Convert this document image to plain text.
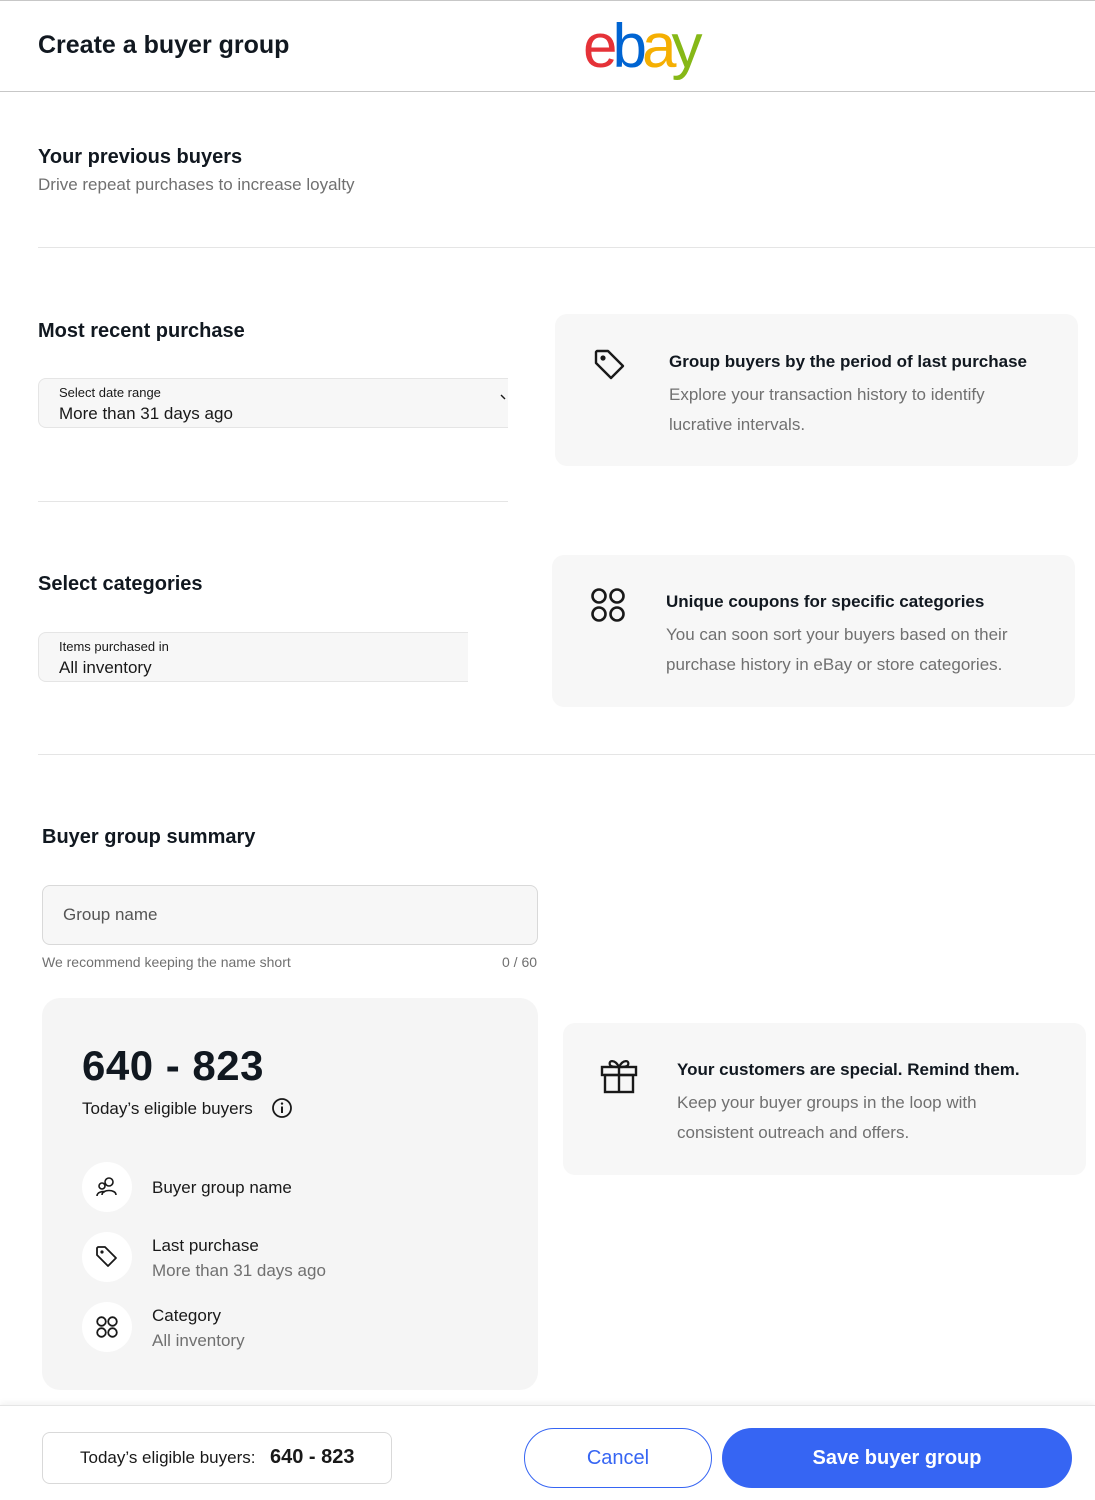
Create a buyer group	ebay
Your previous buyers
Drive repeat purchases to increase loyalty
Most recent purchase
Select date range
More than 31 days ago
Group buyers by the period of last purchase
Explore your transaction history to identify
lucrative intervals.
Select categories
Items purchased in
All inventory
Unique coupons for specific categories
You can soon sort your buyers based on their
purchase history in eBay or store categories.
Buyer group summary
Group name
We recommend keeping the name short	0 / 60
640 - 823
Today’s eligible buyers
Buyer group name
Last purchase
More than 31 days ago
Category
All inventory
Your customers are special. Remind them.
Keep your buyer groups in the loop with
consistent outreach and offers.
Today’s eligible buyers: 640 - 823	Cancel	Save buyer group
